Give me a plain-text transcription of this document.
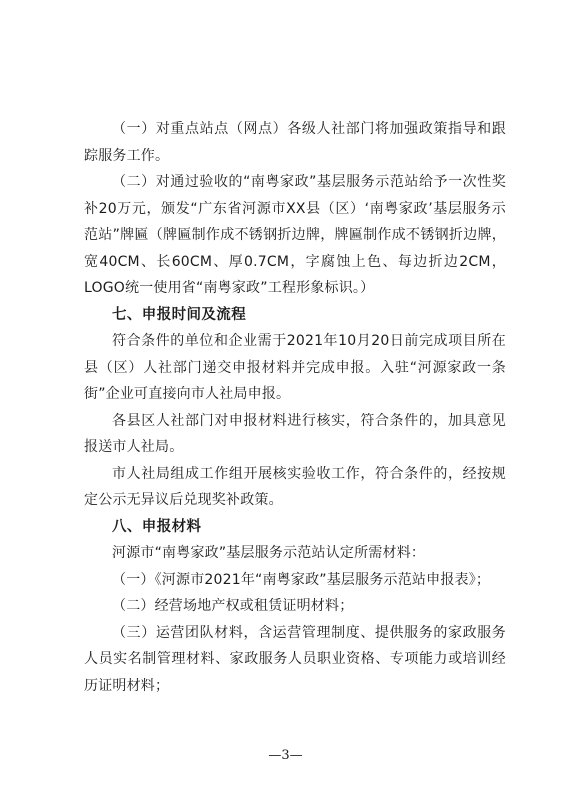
（一）对重点站点（网点）各级人社部门将加强政策指导和跟踪服务工作。

（二）对通过验收的“南粤家政”基层服务示范站给予一次性奖补20万元，颁发“广东省河源市XX县（区）‘南粤家政’基层服务示范站”牌匾（牌匾制作成不锈钢折边牌，牌匾制作成不锈钢折边牌，宽40CM、长60CM、厚0.7CM，字腐蚀上色、每边折边2CM，LOGO统一使用省“南粤家政”工程形象标识。）

七、申报时间及流程

符合条件的单位和企业需于2021年10月20日前完成项目所在县（区）人社部门递交申报材料并完成申报。入驻“河源家政一条街”企业可直接向市人社局申报。

各县区人社部门对申报材料进行核实，符合条件的，加具意见报送市人社局。

市人社局组成工作组开展核实验收工作，符合条件的，经按规定公示无异议后兑现奖补政策。

八、申报材料

河源市“南粤家政”基层服务示范站认定所需材料：

（一）《河源市2021年“南粤家政”基层服务示范站申报表》；

（二）经营场地产权或租赁证明材料；

（三）运营团队材料，含运营管理制度、提供服务的家政服务人员实名制管理材料、家政服务人员职业资格、专项能力或培训经历证明材料；

—3—
